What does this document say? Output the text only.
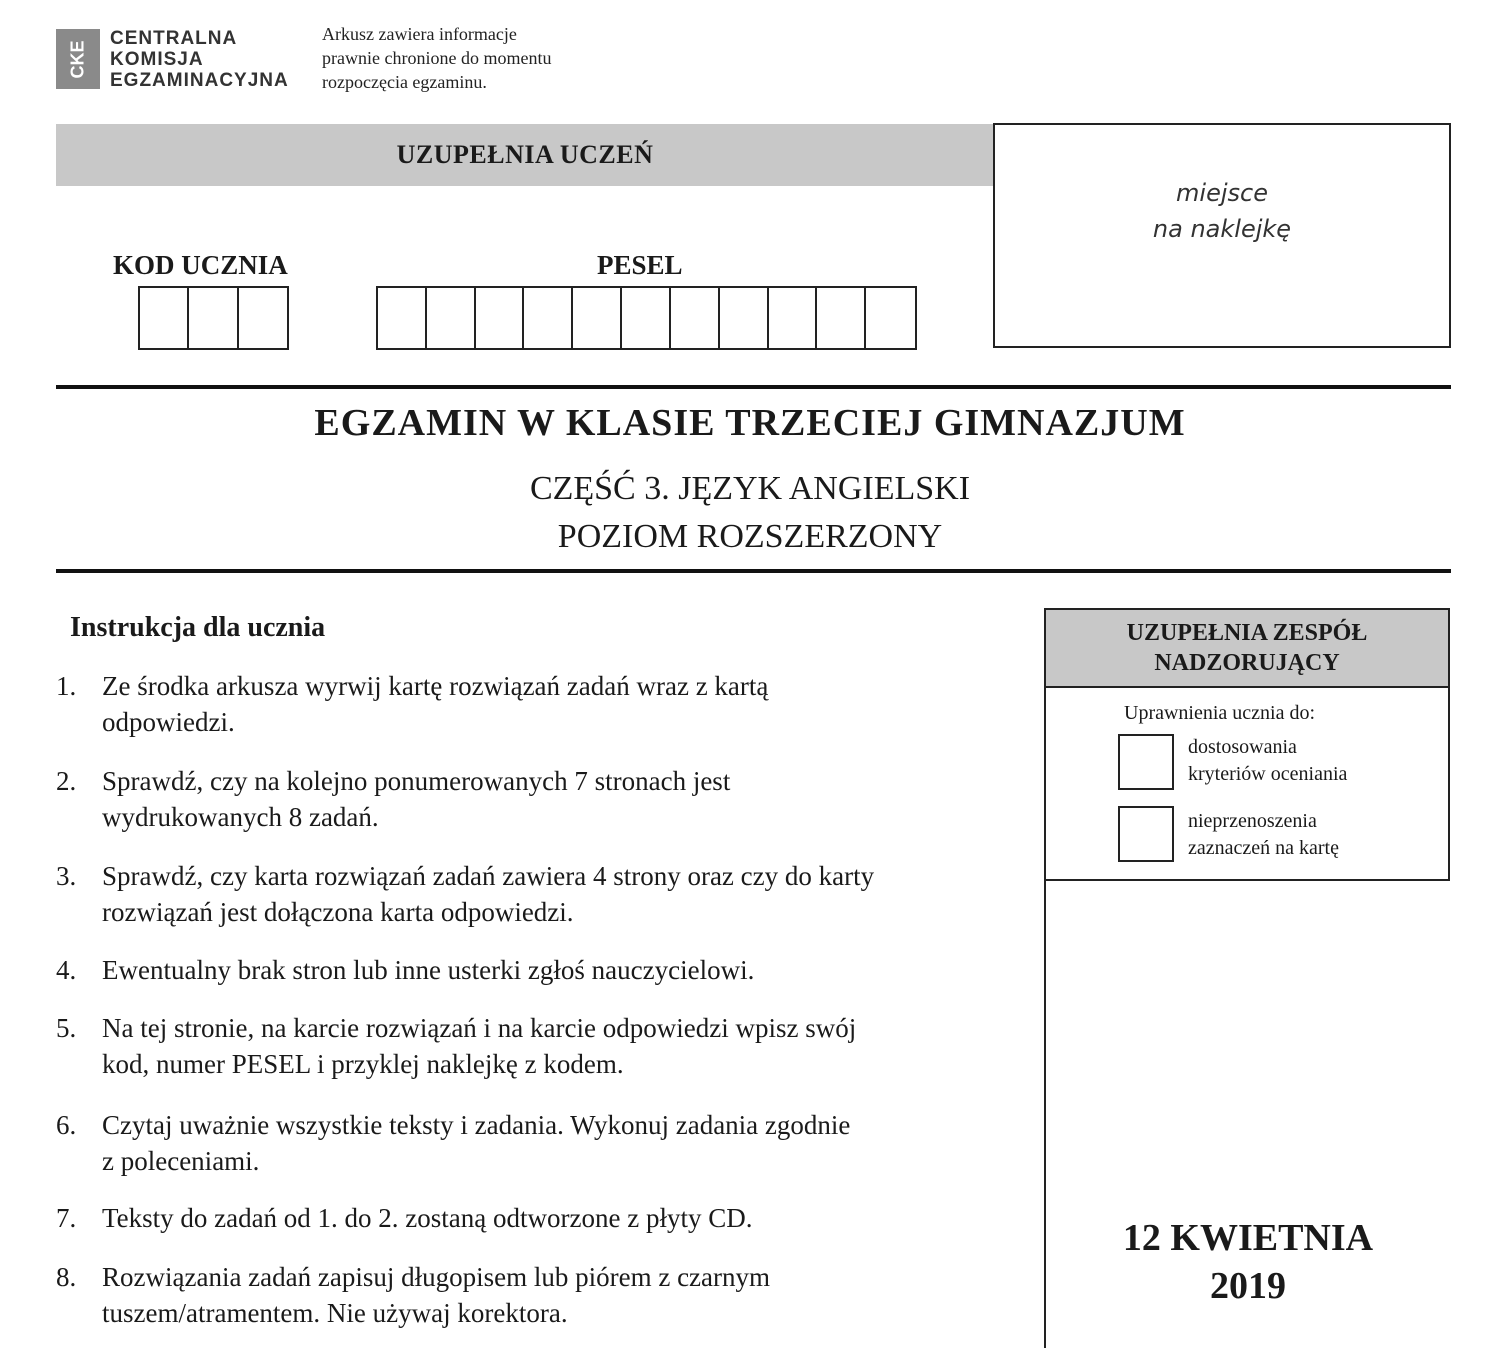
CKE
CENTRALNA
KOMISJA
EGZAMINACYJNA
Arkusz zawiera informacje
prawnie chronione do momentu
rozpoczęcia egzaminu.
UZUPEŁNIA UCZEŃ
miejsce
na naklejkę
KOD UCZNIA	PESEL
EGZAMIN W KLASIE TRZECIEJ GIMNAZJUM
CZĘŚĆ 3. JĘZYK ANGIELSKI
POZIOM ROZSZERZONY
Instrukcja dla ucznia
1. Ze środka arkusza wyrwij kartę rozwiązań zadań wraz z kartą
odpowiedzi.
2. Sprawdź, czy na kolejno ponumerowanych 7 stronach jest
wydrukowanych 8 zadań.
3. Sprawdź, czy karta rozwiązań zadań zawiera 4 strony oraz czy do karty
rozwiązań jest dołączona karta odpowiedzi.
4. Ewentualny brak stron lub inne usterki zgłoś nauczycielowi.
5. Na tej stronie, na karcie rozwiązań i na karcie odpowiedzi wpisz swój
kod, numer PESEL i przyklej naklejkę z kodem.
6. Czytaj uważnie wszystkie teksty i zadania. Wykonuj zadania zgodnie
z poleceniami.
7. Teksty do zadań od 1. do 2. zostaną odtworzone z płyty CD.
8. Rozwiązania zadań zapisuj długopisem lub piórem z czarnym
tuszem/atramentem. Nie używaj korektora.
UZUPEŁNIA ZESPÓŁ
NADZORUJĄCY
Uprawnienia ucznia do:
dostosowania
kryteriów oceniania
nieprzenoszenia
zaznaczeń na kartę
12 KWIETNIA
2019
